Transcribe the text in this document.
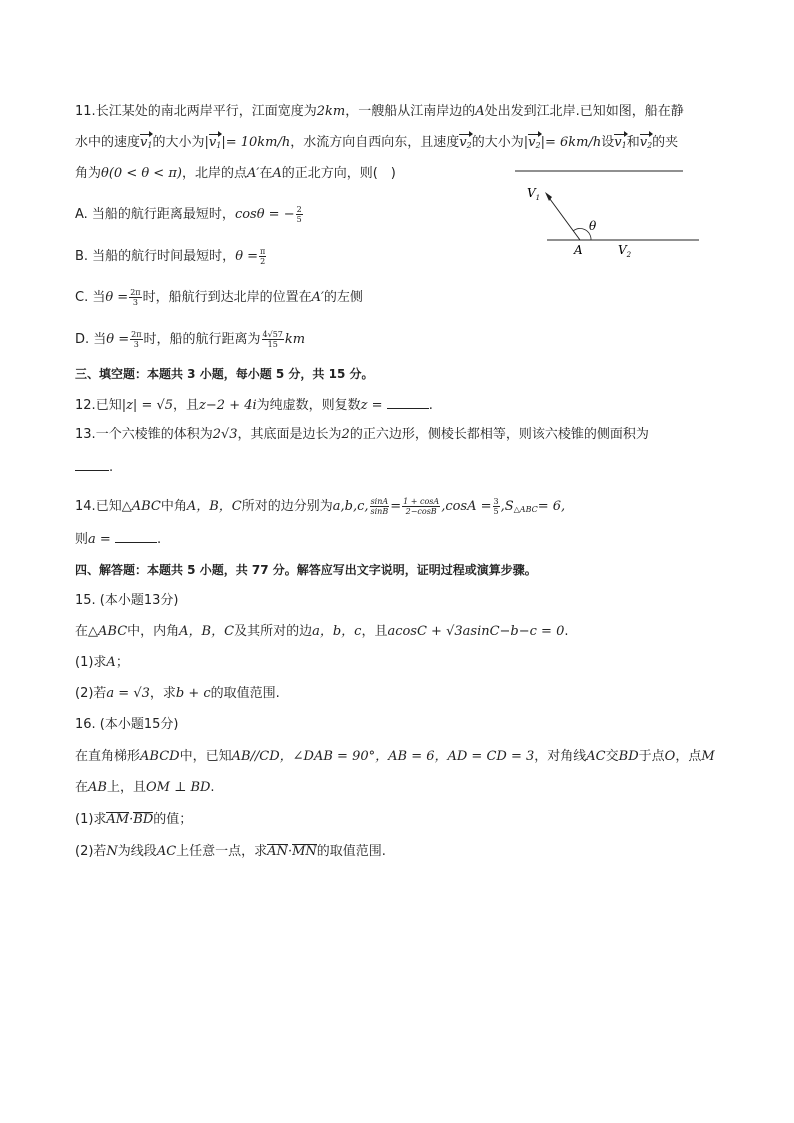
11.长江某处的南北两岸平行，江面宽度为2km，一艘船从江南岸边的A处出发到江北岸.已知如图，船在静
水中的速度$v_1$的大小为$|v_1|= 10km/h$，水流方向自西向东，且速度$v_2$的大小为$|v_2|= 6km/h$设$v_1$和$v_2$的夹
角为θ(0 < θ < π)，北岸的点A′在A的正北方向，则(　)
$V_1$
θ
A	$V_2$
A. 当船的航行距离最短时，cosθ = − $\frac{2}{5}$
B. 当船的航行时间最短时，$\theta = \frac{\pi}{2}$
C. 当$\theta = \frac{2\pi}{3}$ 时，船航行到达北岸的位置在A′的左侧
D. 当$\theta = \frac{2\pi}{3}$ 时，船的航行距离为 $\frac{4√57}{15}$ km
三、填空题：本题共 3 小题，每小题 5 分，共 15 分。
12.已知|z| = √5，且z−2 + 4i为纯虚数，则复数z =	.
13.一个六棱锥的体积为2√3，其底面是边长为2的正六边形，侧棱长都相等，则该六棱锥的侧面积为
.
14.已知△ABC中角A，B，C所对的边分别为a,b,c, $\frac{\sin A}{\sin B} = \frac{1 + \cos A}{2-\cos B} ,\cos A = \frac{3}{5} ,S_{\triangle ABC}= 6$,
则a =	.
四、解答题：本题共 5 小题，共 77 分。解答应写出文字说明，证明过程或演算步骤。
15. (本小题13分)
在△ABC中，内角A，B，C及其所对的边a，b，c，且acosC + √3asinC−b−c = 0.
(1)求A；
(2)若a = √3，求b + c的取值范围.
16. (本小题15分)
在直角梯形ABCD中，已知AB//CD，∠DAB = 90°，AB = 6，AD = CD = 3，对角线AC交BD于点O，点M
在AB上，且OM ⊥ BD.
(1)求AM·BD的值；
(2)若N为线段AC上任意一点，求AN·MN的取值范围.
